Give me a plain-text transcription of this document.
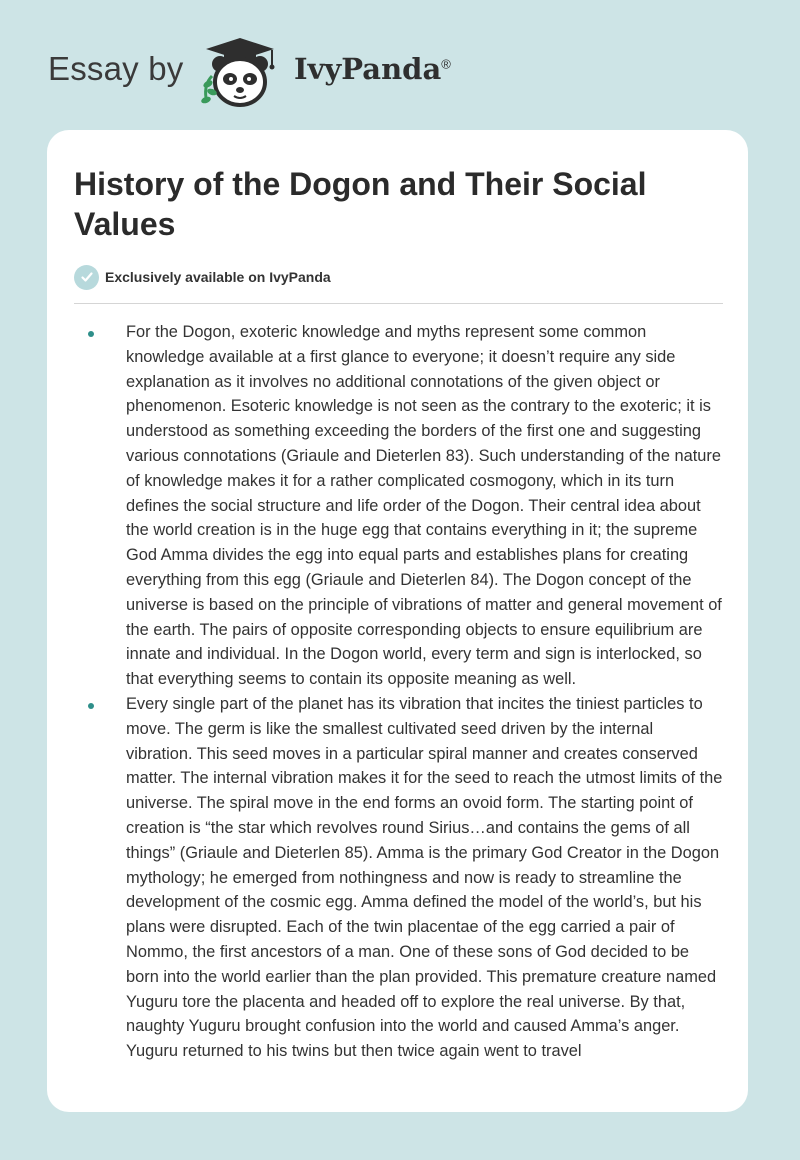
Essay by	IvyPanda®
History of the Dogon and Their Social Values
Exclusively available on IvyPanda
For the Dogon, exoteric knowledge and myths represent some common knowledge available at a first glance to everyone; it doesn’t require any side explanation as it involves no additional connotations of the given object or phenomenon. Esoteric knowledge is not seen as the contrary to the exoteric; it is understood as something exceeding the borders of the first one and suggesting various connotations (Griaule and Dieterlen 83). Such understanding of the nature of knowledge makes it for a rather complicated cosmogony, which in its turn defines the social structure and life order of the Dogon. Their central idea about the world creation is in the huge egg that contains everything in it; the supreme God Amma divides the egg into equal parts and establishes plans for creating everything from this egg (Griaule and Dieterlen 84). The Dogon concept of the universe is based on the principle of vibrations of matter and general movement of the earth. The pairs of opposite corresponding objects to ensure equilibrium are innate and individual. In the Dogon world, every term and sign is interlocked, so that everything seems to contain its opposite meaning as well.
Every single part of the planet has its vibration that incites the tiniest particles to move. The germ is like the smallest cultivated seed driven by the internal vibration. This seed moves in a particular spiral manner and creates conserved matter. The internal vibration makes it for the seed to reach the utmost limits of the universe. The spiral move in the end forms an ovoid form. The starting point of creation is “the star which revolves round Sirius…and contains the gems of all things” (Griaule and Dieterlen 85). Amma is the primary God Creator in the Dogon mythology; he emerged from nothingness and now is ready to streamline the development of the cosmic egg. Amma defined the model of the world’s, but his plans were disrupted. Each of the twin placentae of the egg carried a pair of Nommo, the first ancestors of a man. One of these sons of God decided to be born into the world earlier than the plan provided. This premature creature named Yuguru tore the placenta and headed off to explore the real universe. By that, naughty Yuguru brought confusion into the world and caused Amma’s anger. Yuguru returned to his twins but then twice again went to travel
